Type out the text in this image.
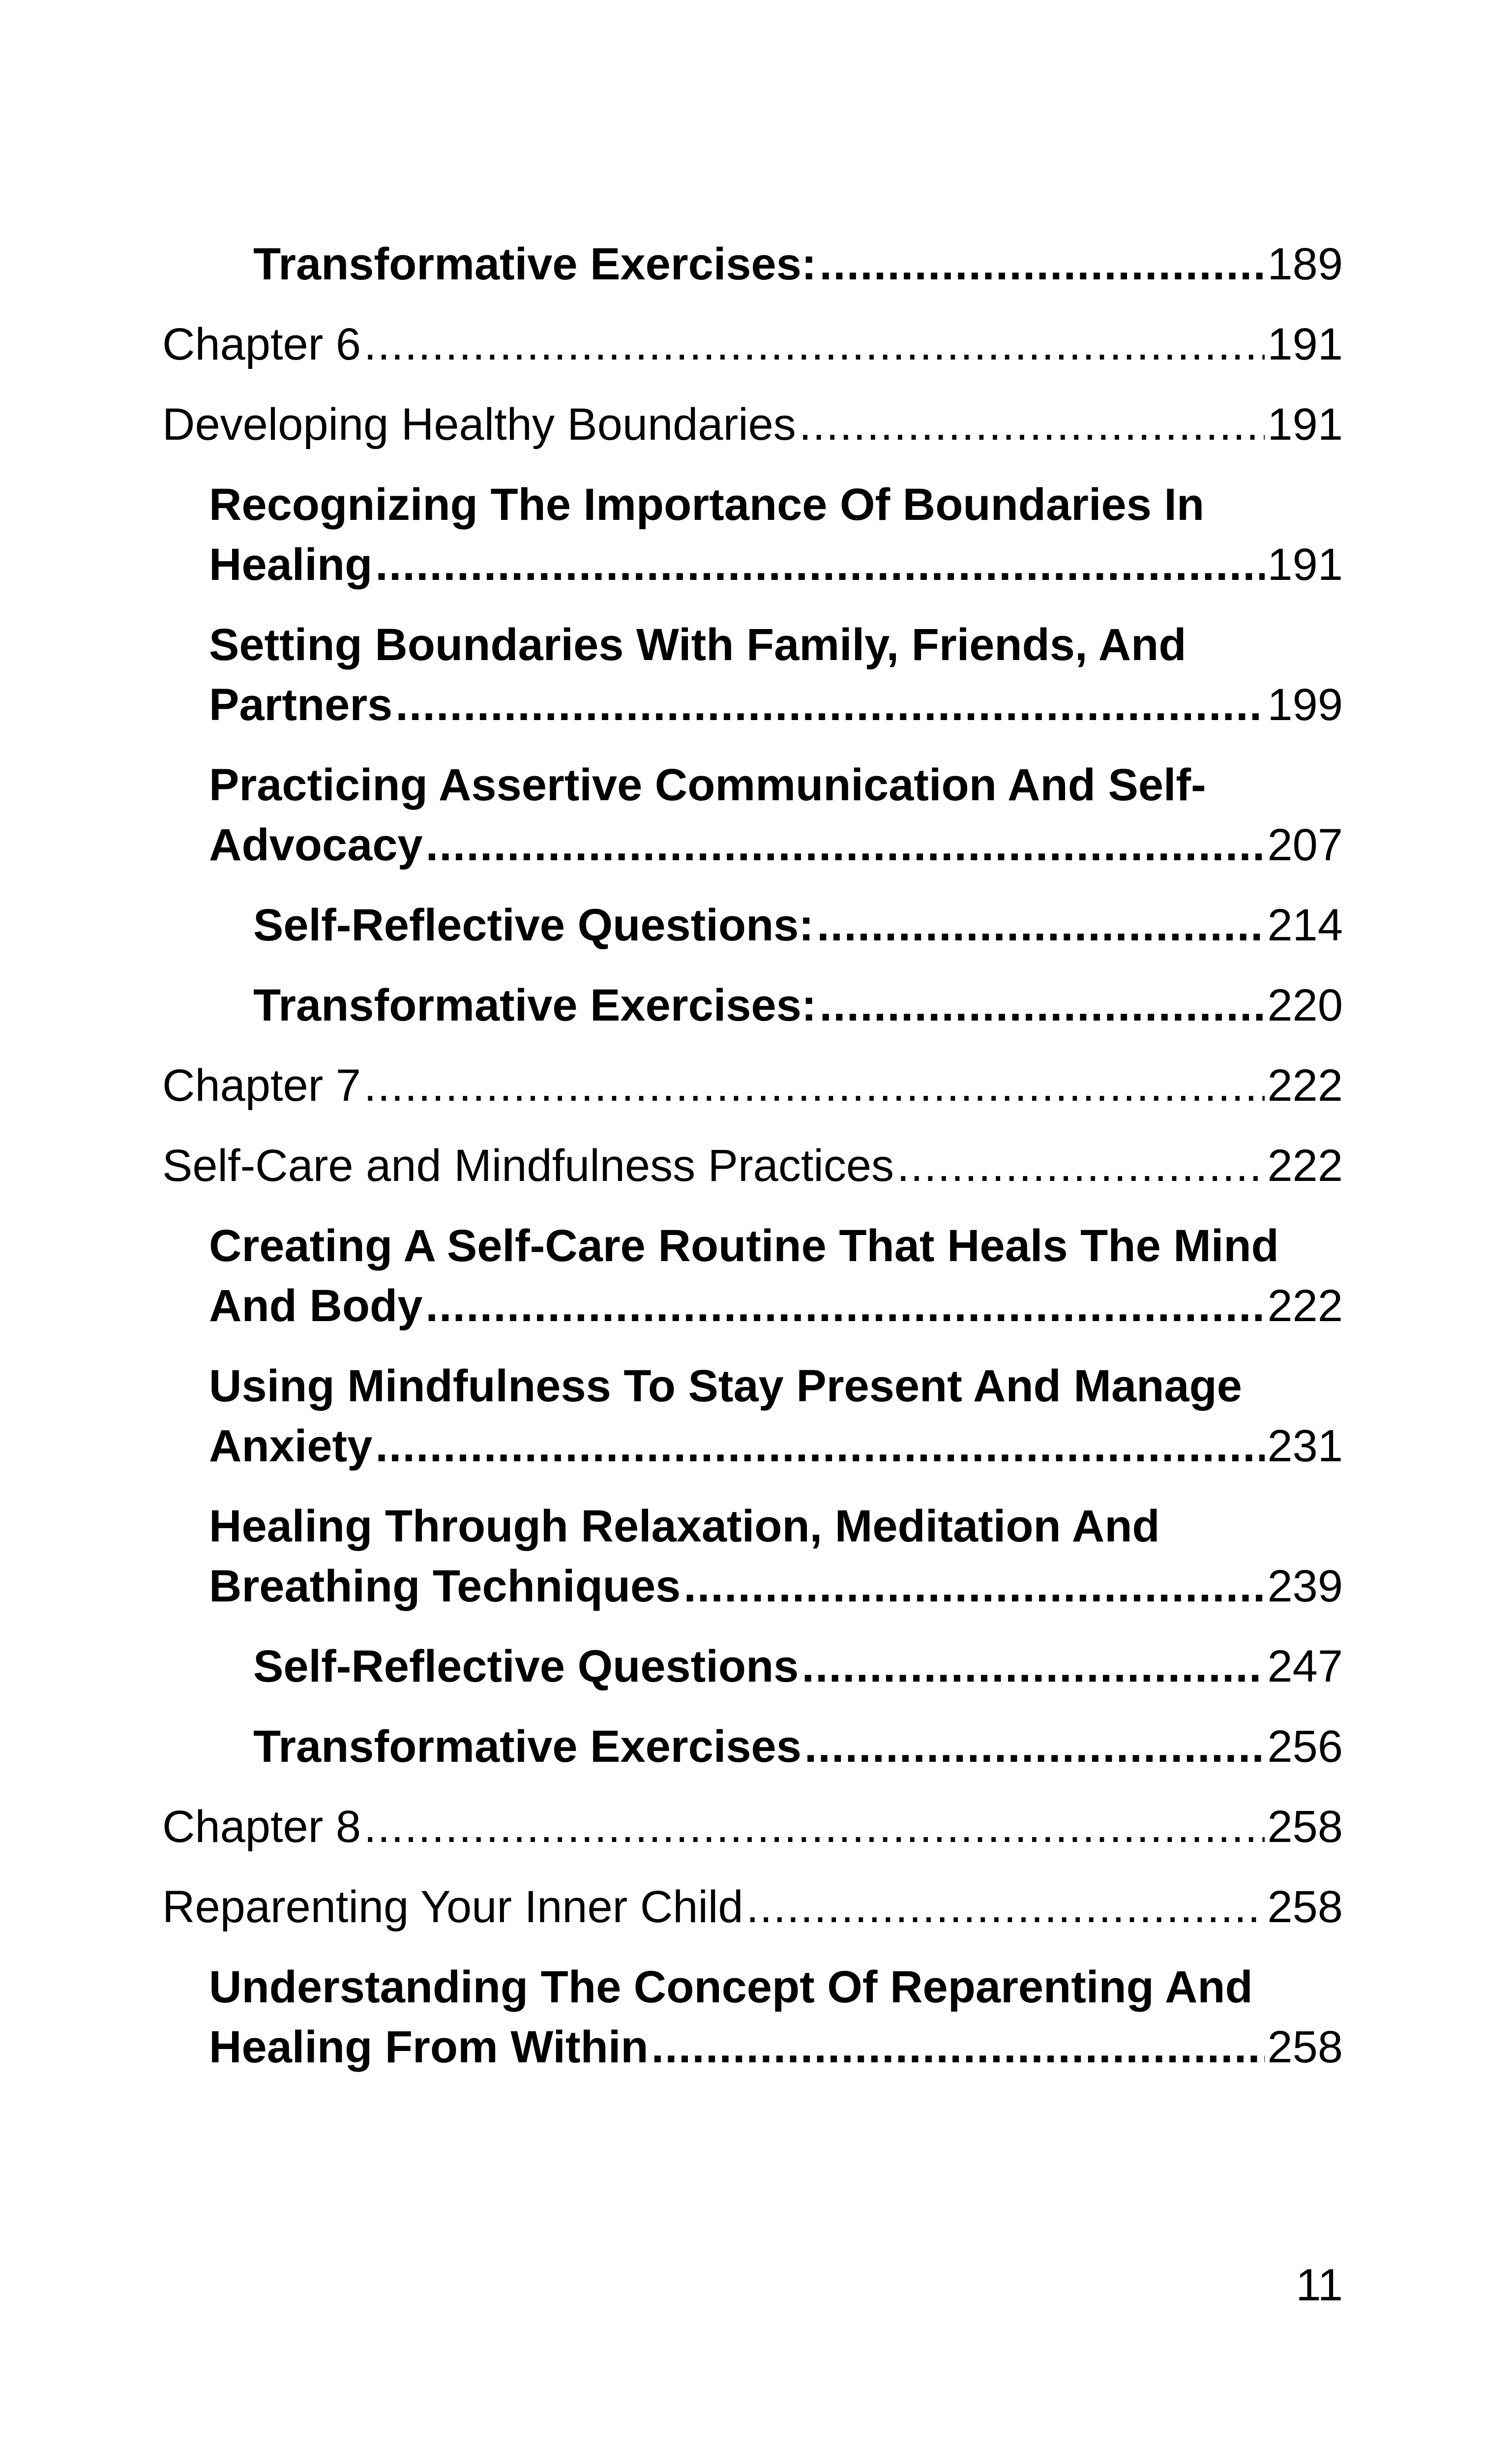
Transformative Exercises: .....	189
Chapter 6 .....	191
Developing Healthy Boundaries .....	191
Recognizing The Importance Of Boundaries In
Healing .....	191
Setting Boundaries With Family, Friends, And
Partners .....	199
Practicing Assertive Communication And Self-
Advocacy .....	207
Self-Reflective Questions: .....	214
Transformative Exercises: .....	220
Chapter 7 .....	222
Self-Care and Mindfulness Practices .....	222
Creating A Self-Care Routine That Heals The Mind
And Body .....	222
Using Mindfulness To Stay Present And Manage
Anxiety .....	231
Healing Through Relaxation, Meditation And
Breathing Techniques .....	239
Self-Reflective Questions .....	247
Transformative Exercises .....	256
Chapter 8 .....	258
Reparenting Your Inner Child .....	258
Understanding The Concept Of Reparenting And
Healing From Within .....	258
11
